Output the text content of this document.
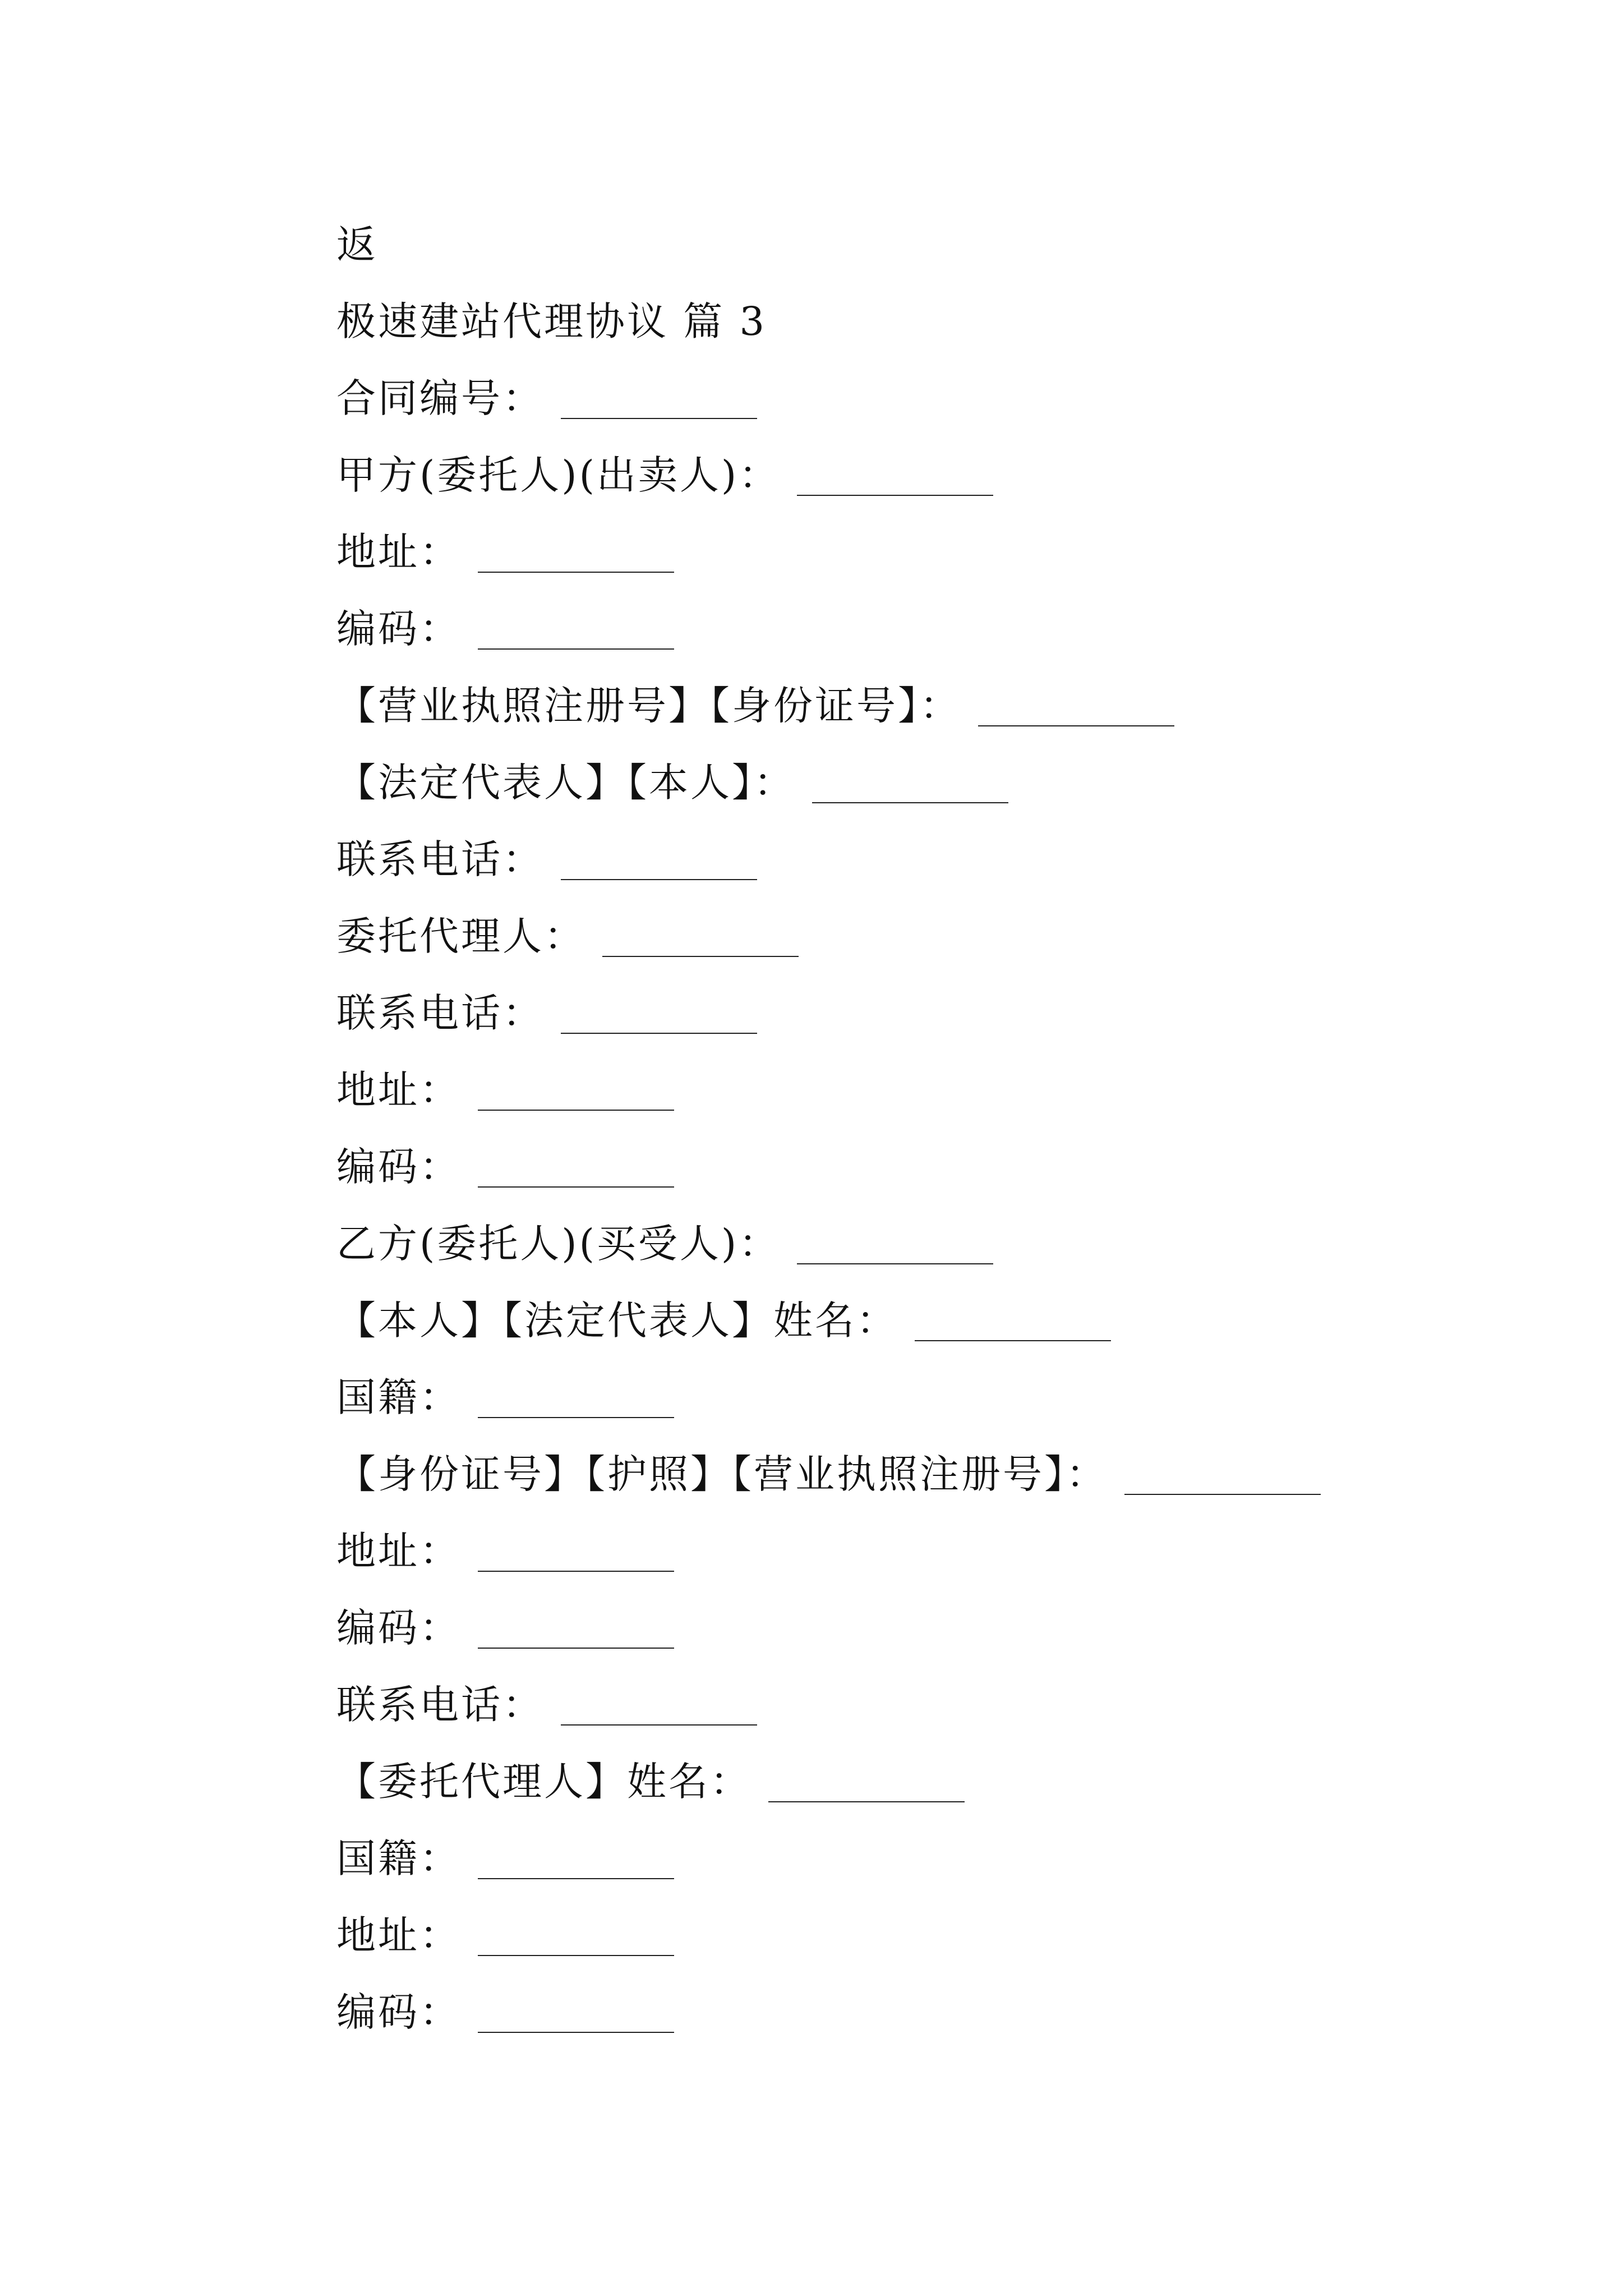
返
极速建站代理协议 篇 3
合同编号：
甲方(委托人)(出卖人)：
地址：
编码：
【营业执照注册号】【身份证号】：
【法定代表人】【本人】：
联系电话：
委托代理人：
联系电话：
地址：
编码：
乙方(委托人)(买受人)：
【本人】【法定代表人】姓名：
国籍：
【身份证号】【护照】【营业执照注册号】：
地址：
编码：
联系电话：
【委托代理人】姓名：
国籍：
地址：
编码：
